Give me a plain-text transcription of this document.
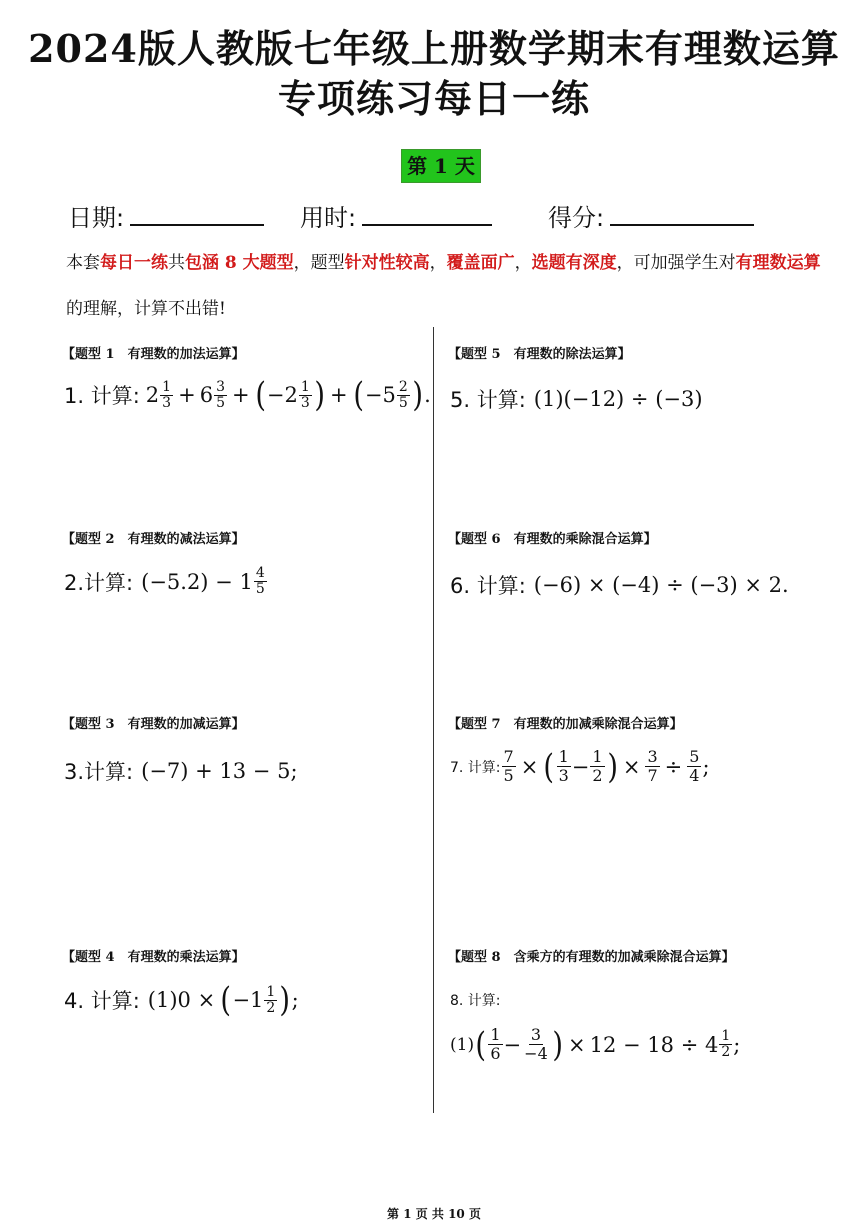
2024版人教版七年级上册数学期末有理数运算
专项练习每日一练
第 1 天
日期:	用时:	得分:
本套每日一练共包涵 8 大题型，题型针对性较高，覆盖面广，选题有深度，可加强学生对有理数运算的理解，计算不出错!
【题型 1　有理数的加法运算】
1. 计算: $2 \frac{1}{3} + 6 \frac{3}{5}$ + ( $-2 \frac{1}{3}$ ) + ( $-5 \frac{2}{5}$ ) .
【题型 2　有理数的减法运算】
2.计算: $(-5.2) - 1 \frac{4}{5}$
【题型 3　有理数的加减运算】
3.计算: (−7) + 13 − 5;
【题型 4　有理数的乘法运算】
4. 计算: (1)0 × ( $-1 \frac{1}{2}$ ) ;
【题型 5　有理数的除法运算】
5. 计算: (1)(−12) ÷ (−3)
【题型 6　有理数的乘除混合运算】
6. 计算: (−6) × (−4) ÷ (−3) × 2.
【题型 7　有理数的加减乘除混合运算】
7. 计算: $\frac{7}{5}$ × ( $\frac{1}{3} - \frac{1}{2}$ ) × $\frac{3}{7} \div \frac{5}{4}$ ;
【题型 8　含乘方的有理数的加减乘除混合运算】
8. 计算:
(1) ( $\frac{1}{6} - \frac{3}{-4}$ ) × $12 - 18 \div 4 \frac{1}{2}$ ;
第 1 页 共 10 页
